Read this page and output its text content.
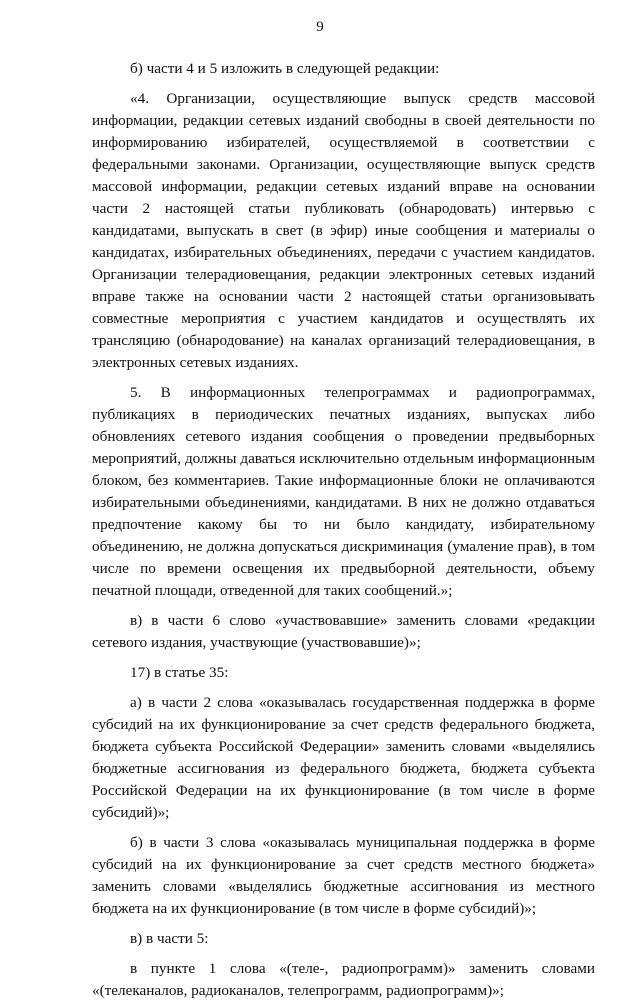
9

б) части 4 и 5 изложить в следующей редакции:

«4. Организации, осуществляющие выпуск средств массовой информации, редакции сетевых изданий свободны в своей деятельности по информированию избирателей, осуществляемой в соответствии с федеральными законами. Организации, осуществляющие выпуск средств массовой информации, редакции сетевых изданий вправе на основании части 2 настоящей статьи публиковать (обнародовать) интервью с кандидатами, выпускать в свет (в эфир) иные сообщения и материалы о кандидатах, избирательных объединениях, передачи с участием кандидатов. Организации телерадиовещания, редакции электронных сетевых изданий вправе также на основании части 2 настоящей статьи организовывать совместные мероприятия с участием кандидатов и осуществлять их трансляцию (обнародование) на каналах организаций телерадиовещания, в электронных сетевых изданиях.

5. В информационных телепрограммах и радиопрограммах, публикациях в периодических печатных изданиях, выпусках либо обновлениях сетевого издания сообщения о проведении предвыборных мероприятий, должны даваться исключительно отдельным информационным блоком, без комментариев. Такие информационные блоки не оплачиваются избирательными объединениями, кандидатами. В них не должно отдаваться предпочтение какому бы то ни было кандидату, избирательному объединению, не должна допускаться дискриминация (умаление прав), в том числе по времени освещения их предвыборной деятельности, объему печатной площади, отведенной для таких сообщений.»;

в) в части 6 слово «участвовавшие» заменить словами «редакции сетевого издания, участвующие (участвовавшие)»;

17) в статье 35:

а) в части 2 слова «оказывалась государственная поддержка в форме субсидий на их функционирование за счет средств федерального бюджета, бюджета субъекта Российской Федерации» заменить словами «выделялись бюджетные ассигнования из федерального бюджета, бюджета субъекта Российской Федерации на их функционирование (в том числе в форме субсидий)»;

б) в части 3 слова «оказывалась муниципальная поддержка в форме субсидий на их функционирование за счет средств местного бюджета» заменить словами «выделялись бюджетные ассигнования из местного бюджета на их функционирование (в том числе в форме субсидий)»;

в) в части 5:

в пункте 1 слова «(теле-, радиопрограмм)» заменить словами «(телеканалов, радиоканалов, телепрограмм, радиопрограмм)»;
